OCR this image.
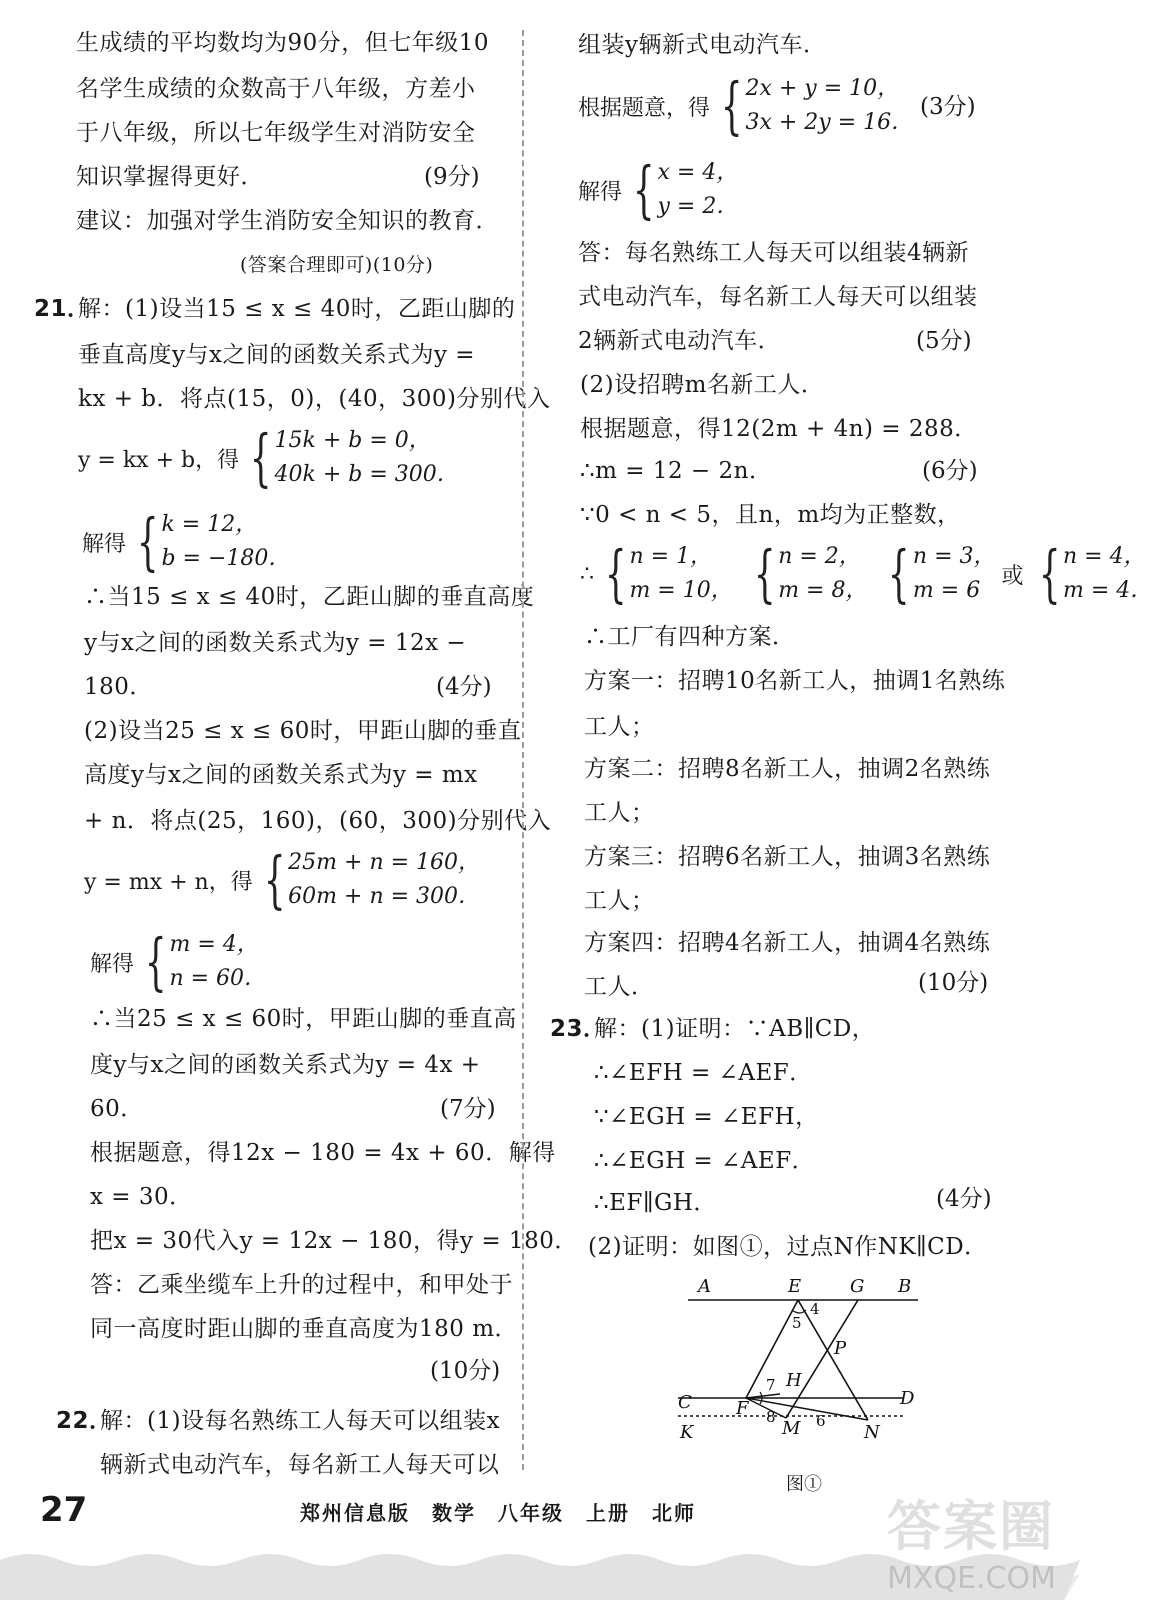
生成绩的平均数均为90分，但七年级10
名学生成绩的众数高于八年级，方差小
于八年级，所以七年级学生对消防安全
知识掌握得更好．	(9分)
建议：加强对学生消防安全知识的教育．
(答案合理即可)(10分)
21．
解：(1)设当15 ≤ x ≤ 40时，乙距山脚的
垂直高度y与x之间的函数关系式为y =
kx + b．将点(15，0)，(40，300)分别代入
y = kx + b，得 { 15k + b = 0，
40k + b = 300．
解得 { k = 12，
b = −180．
∴当15 ≤ x ≤ 40时，乙距山脚的垂直高度
y与x之间的函数关系式为y = 12x −
180．	(4分)
(2)设当25 ≤ x ≤ 60时，甲距山脚的垂直
高度y与x之间的函数关系式为y = mx
+ n．将点(25，160)，(60，300)分别代入
y = mx + n，得 { 25m + n = 160，
60m + n = 300．
解得 { m = 4，
n = 60．
∴当25 ≤ x ≤ 60时，甲距山脚的垂直高
度y与x之间的函数关系式为y = 4x +
60．	(7分)
根据题意，得12x − 180 = 4x + 60．解得
x = 30．
把x = 30代入y = 12x − 180，得y = 180．
答：乙乘坐缆车上升的过程中，和甲处于
同一高度时距山脚的垂直高度为180 m．
(10分)
22．
解：(1)设每名熟练工人每天可以组装x
辆新式电动汽车，每名新工人每天可以
组装y辆新式电动汽车．
根据题意，得 { 2x + y = 10，
3x + 2y = 16．
(3分)
解得 { x = 4，
y = 2．
答：每名熟练工人每天可以组装4辆新
式电动汽车，每名新工人每天可以组装
2辆新式电动汽车．	(5分)
(2)设招聘m名新工人．
根据题意，得12(2m + 4n) = 288．
∴m = 12 − 2n．	(6分)
∵0 < n < 5，且n，m均为正整数，
∴ { n = 1，
m = 10， { n = 2，
m = 8， { n = 3，
m = 6
或 { n = 4，
m = 4．
∴工厂有四种方案．
方案一：招聘10名新工人，抽调1名熟练
工人；
方案二：招聘8名新工人，抽调2名熟练
工人；
方案三：招聘6名新工人，抽调3名熟练
工人；
方案四：招聘4名新工人，抽调4名熟练
工人．	(10分)
23．
解：(1)证明：∵AB∥CD，
∴∠EFH = ∠AEF．
∵∠EGH = ∠EFH，
∴∠EGH = ∠AEF．
∴EF∥GH．	(4分)
(2)证明：如图①，过点N作NK∥CD．
A	E	G B
4
5
P
7 H
C F	D
8
M 6
K	N
图①
27	郑州信息版　数学　八年级　上册　北师	答案圈
MXQE.COM
